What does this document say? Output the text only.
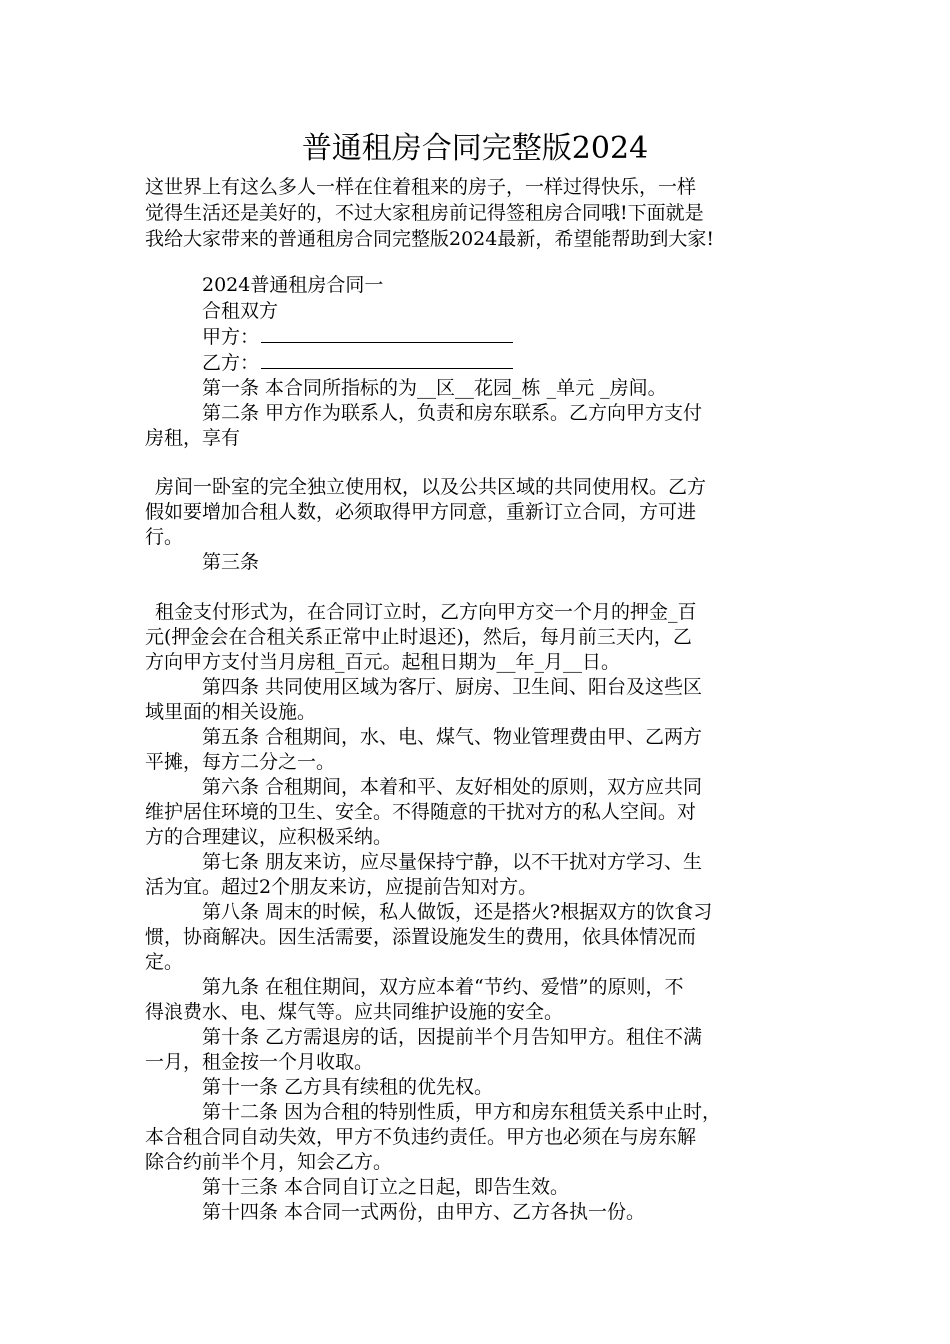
普通租房合同完整版2024
这世界上有这么多人一样在住着租来的房子，一样过得快乐，一样
觉得生活还是美好的，不过大家租房前记得签租房合同哦!下面就是
我给大家带来的普通租房合同完整版2024最新，希望能帮助到大家!
2024普通租房合同一
合租双方
甲方：
乙方：
第一条 本合同所指标的为__区__花园_栋 _单元 _房间。
第二条 甲方作为联系人，负责和房东联系。乙方向甲方支付
房租，享有
房间一卧室的完全独立使用权，以及公共区域的共同使用权。乙方
假如要增加合租人数，必须取得甲方同意，重新订立合同，方可进
行。
第三条
租金支付形式为，在合同订立时，乙方向甲方交一个月的押金_百
元(押金会在合租关系正常中止时退还)，然后，每月前三天内，乙
方向甲方支付当月房租_百元。起租日期为__年_月__日。
第四条 共同使用区域为客厅、厨房、卫生间、阳台及这些区
域里面的相关设施。
第五条 合租期间，水、电、煤气、物业管理费由甲、乙两方
平摊，每方二分之一。
第六条 合租期间，本着和平、友好相处的原则，双方应共同
维护居住环境的卫生、安全。不得随意的干扰对方的私人空间。对
方的合理建议，应积极采纳。
第七条 朋友来访，应尽量保持宁静，以不干扰对方学习、生
活为宜。超过2个朋友来访，应提前告知对方。
第八条 周末的时候，私人做饭，还是搭火?根据双方的饮食习
惯，协商解决。因生活需要，添置设施发生的费用，依具体情况而
定。
第九条 在租住期间，双方应本着“节约、爱惜”的原则，不
得浪费水、电、煤气等。应共同维护设施的安全。
第十条 乙方需退房的话，因提前半个月告知甲方。租住不满
一月，租金按一个月收取。
第十一条 乙方具有续租的优先权。
第十二条 因为合租的特别性质，甲方和房东租赁关系中止时，
本合租合同自动失效，甲方不负违约责任。甲方也必须在与房东解
除合约前半个月，知会乙方。
第十三条 本合同自订立之日起，即告生效。
第十四条 本合同一式两份，由甲方、乙方各执一份。
